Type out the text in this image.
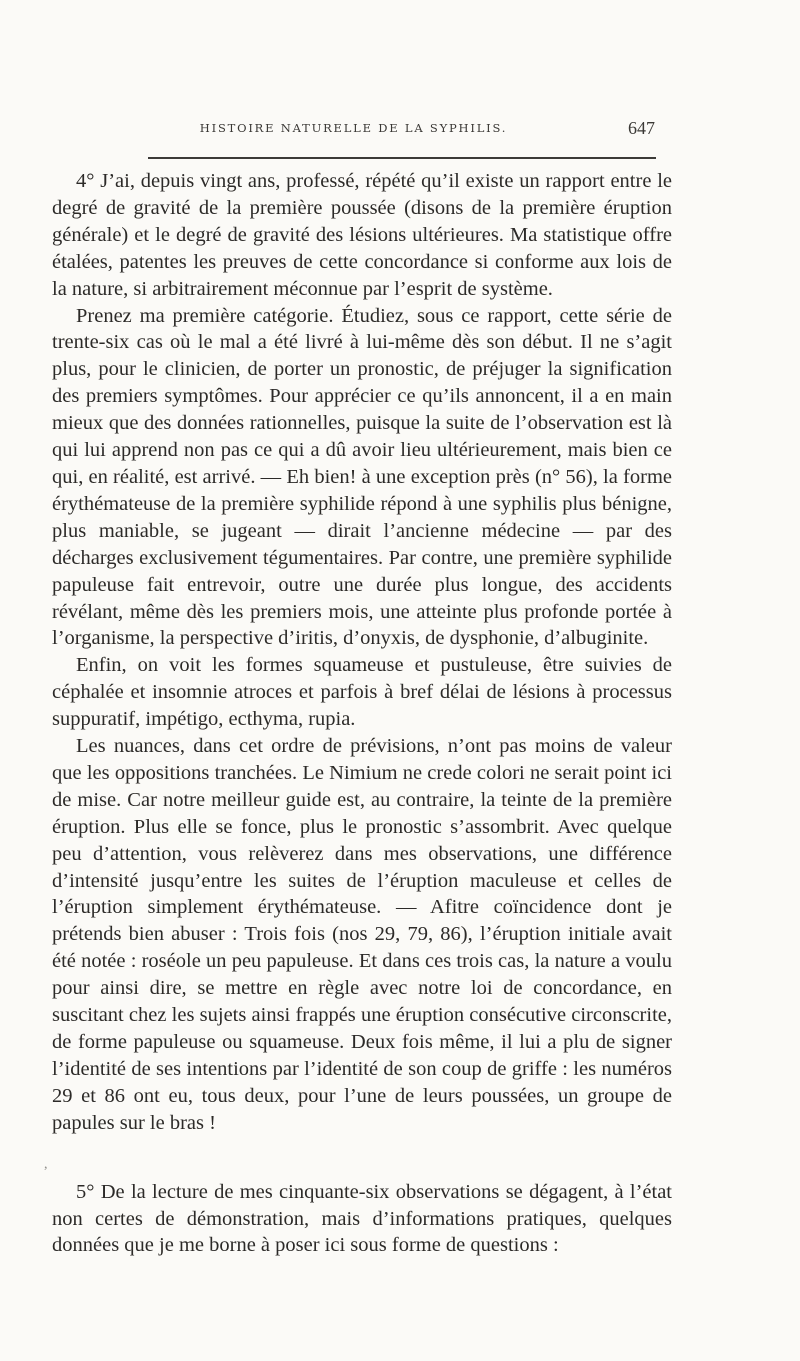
HISTOIRE NATURELLE DE LA SYPHILIS.	647

4° J’ai, depuis vingt ans, professé, répété qu’il existe un rapport entre le degré de gravité de la première poussée (disons de la première éruption générale) et le degré de gravité des lésions ultérieures. Ma statistique offre étalées, patentes les preuves de cette concordance si conforme aux lois de la nature, si arbitrairement méconnue par l’esprit de système.

Prenez ma première catégorie. Étudiez, sous ce rapport, cette série de trente-six cas où le mal a été livré à lui-même dès son début. Il ne s’agit plus, pour le clinicien, de porter un pronostic, de préjuger la signification des premiers symptômes. Pour apprécier ce qu’ils annoncent, il a en main mieux que des données rationnelles, puisque la suite de l’observation est là qui lui apprend non pas ce qui a dû avoir lieu ultérieurement, mais bien ce qui, en réalité, est arrivé. — Eh bien! à une exception près (n° 56), la forme érythémateuse de la première syphilide répond à une syphilis plus bénigne, plus maniable, se jugeant — dirait l’ancienne médecine — par des décharges exclusivement tégumentaires. Par contre, une première syphilide papuleuse fait entrevoir, outre une durée plus longue, des accidents révélant, même dès les premiers mois, une atteinte plus profonde portée à l’organisme, la perspective d’iritis, d’onyxis, de dysphonie, d’albuginite.

Enfin, on voit les formes squameuse et pustuleuse, être suivies de céphalée et insomnie atroces et parfois à bref délai de lésions à processus suppuratif, impétigo, ecthyma, rupia.

Les nuances, dans cet ordre de prévisions, n’ont pas moins de valeur que les oppositions tranchées. Le Nimium ne crede colori ne serait point ici de mise. Car notre meilleur guide est, au contraire, la teinte de la première éruption. Plus elle se fonce, plus le pronostic s’assombrit. Avec quelque peu d’attention, vous relèverez dans mes observations, une différence d’intensité jusqu’entre les suites de l’éruption maculeuse et celles de l’éruption simplement érythémateuse. — Afitre coïncidence dont je prétends bien abuser : Trois fois (nos 29, 79, 86), l’éruption initiale avait été notée : roséole un peu papuleuse. Et dans ces trois cas, la nature a voulu pour ainsi dire, se mettre en règle avec notre loi de concordance, en suscitant chez les sujets ainsi frappés une éruption consécutive circonscrite, de forme papuleuse ou squameuse. Deux fois même, il lui a plu de signer l’identité de ses intentions par l’identité de son coup de griffe : les numéros 29 et 86 ont eu, tous deux, pour l’une de leurs poussées, un groupe de papules sur le bras !

5° De la lecture de mes cinquante-six observations se dégagent, à l’état non certes de démonstration, mais d’informations pratiques, quelques données que je me borne à poser ici sous forme de questions :

,
